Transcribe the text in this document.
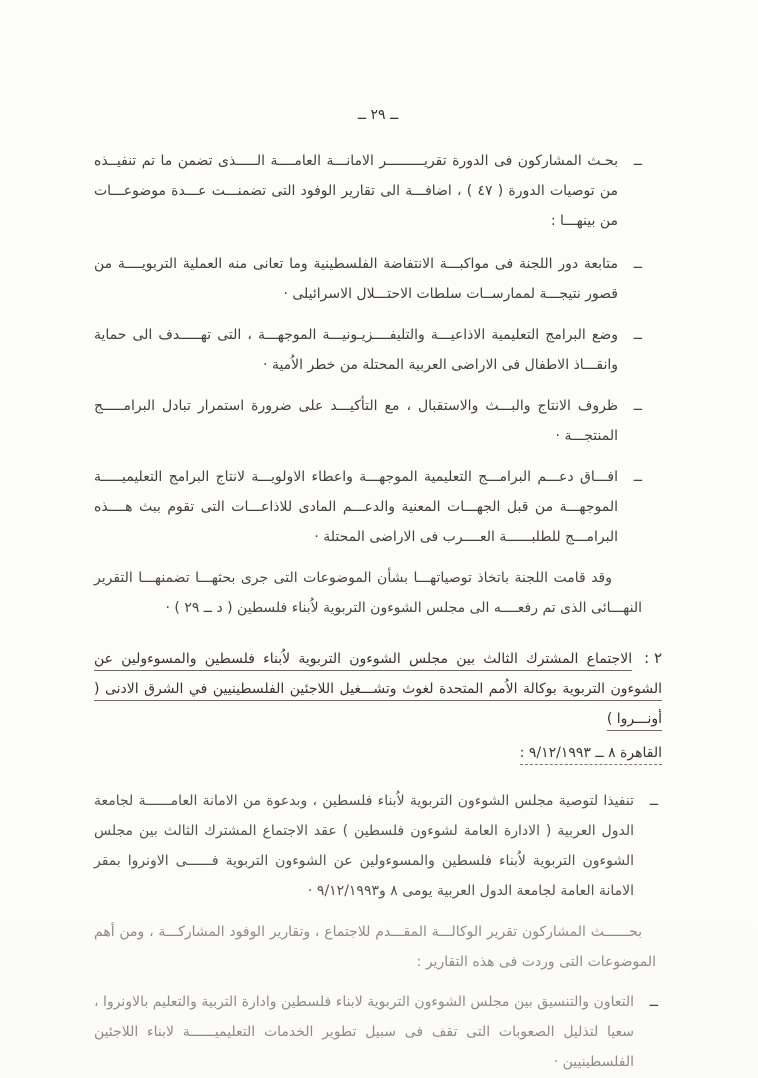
ــ ٢٩ ــ
ــ

بحـث المشاركون فى الدورة تقريـــــــــر الامانـــة العامــــة الـــــذى تضمن ما تم تنفيــذه من توصيات الدورة ( ٤٧ ) ، اضافـــة الى تقارير الوفود التى تضمنـــت عـــدة موضوعـــات من بينهـــا :

ــ

متابعة دور اللجنة فى مواكبـــة الانتفاضة الفلسطينية وما تعانى منه العملية التربويــــة من قصور نتيجـــة لممارســات سلطات الاحتـــلال الاسرائيلى ·

ــ

وضع البرامج التعليمية الاذاعيـــة والتليفــــزيـونيـــة الموجهـــة ، التى تهـــــدف الى حماية وانقـــاذ الاطفال فى الاراضى العربية المحتلة من خطر الاُمية ·

ــ

ظروف الانتاج والبـــث والاستقبال ، مع التأكيـــد على ضرورة استمرار تبادل البرامـــــج المنتجـــة ·

ــ

افـــاق دعـــم البرامـــج التعليمية الموجهـــة واعطاء الاولويـــة لانتاج البرامج التعليميـــــة الموجهـــة من قبل الجهـــات المعنية والدعـــم المادى للاذاعـــات التى تقوم ببث هــــذه البرامـــج للطلبــــــة العــــرب فى الاراضى المحتلة ·

وقد قامت اللجنة باتخاذ توصياتهـــا بشأن الموضوعات التى جرى بحثهـــا تضمنهـــا التقرير النهـــائى الذى تم رفعــــه الى مجلس الشوءون التربوية لاُبناء فلسطين ( د ــ ٢٩ ) ·

٢ :الاجتماع المشترك الثالث بين مجلس الشوءون التربوية لاُبناء فلسطين والمسوءولين عن الشوءون التربوية بوكالة الاُمم المتحدة لغوث وتشـــغيل اللاجئين الفلسطينيين في الشرق الادنى ( أونـــروا )

القاهرة ٨ ــ ٩/١٢/١٩٩٣ :
ــ

تنفيذا لتوصية مجلس الشوءون التربوية لاُبناء فلسطين ، وبدعوة من الامانة العامــــــة لجامعة الدول العربية ( الادارة العامة لشوءون فلسطين ) عقد الاجتماع المشترك الثالث بين مجلس الشوءون التربوية لاُبناء فلسطين والمسوءولين عن الشوءون التربوية فــــــى الاونروا بمقر الامانة العامة لجامعة الدول العربية يومى ٨ و٩/١٢/١٩٩٣ ·

بحــــــث المشاركون تقرير الوكالـــة المقـــدم للاجتماع ، وتقارير الوفود المشاركـــة ، ومن أهم الموضوعات التى وردت فى هذه التقارير :

ــ

التعاون والتنسيق بين مجلس الشوءون التربوية لابناء فلسطين وادارة التربية والتعليم بالاونروا ، سعيا لتذليل الصعوبات التى تقف فى سبيل تطوير الخدمات التعليميــــــة لابناء اللاجئين الفلسطينيين ·
